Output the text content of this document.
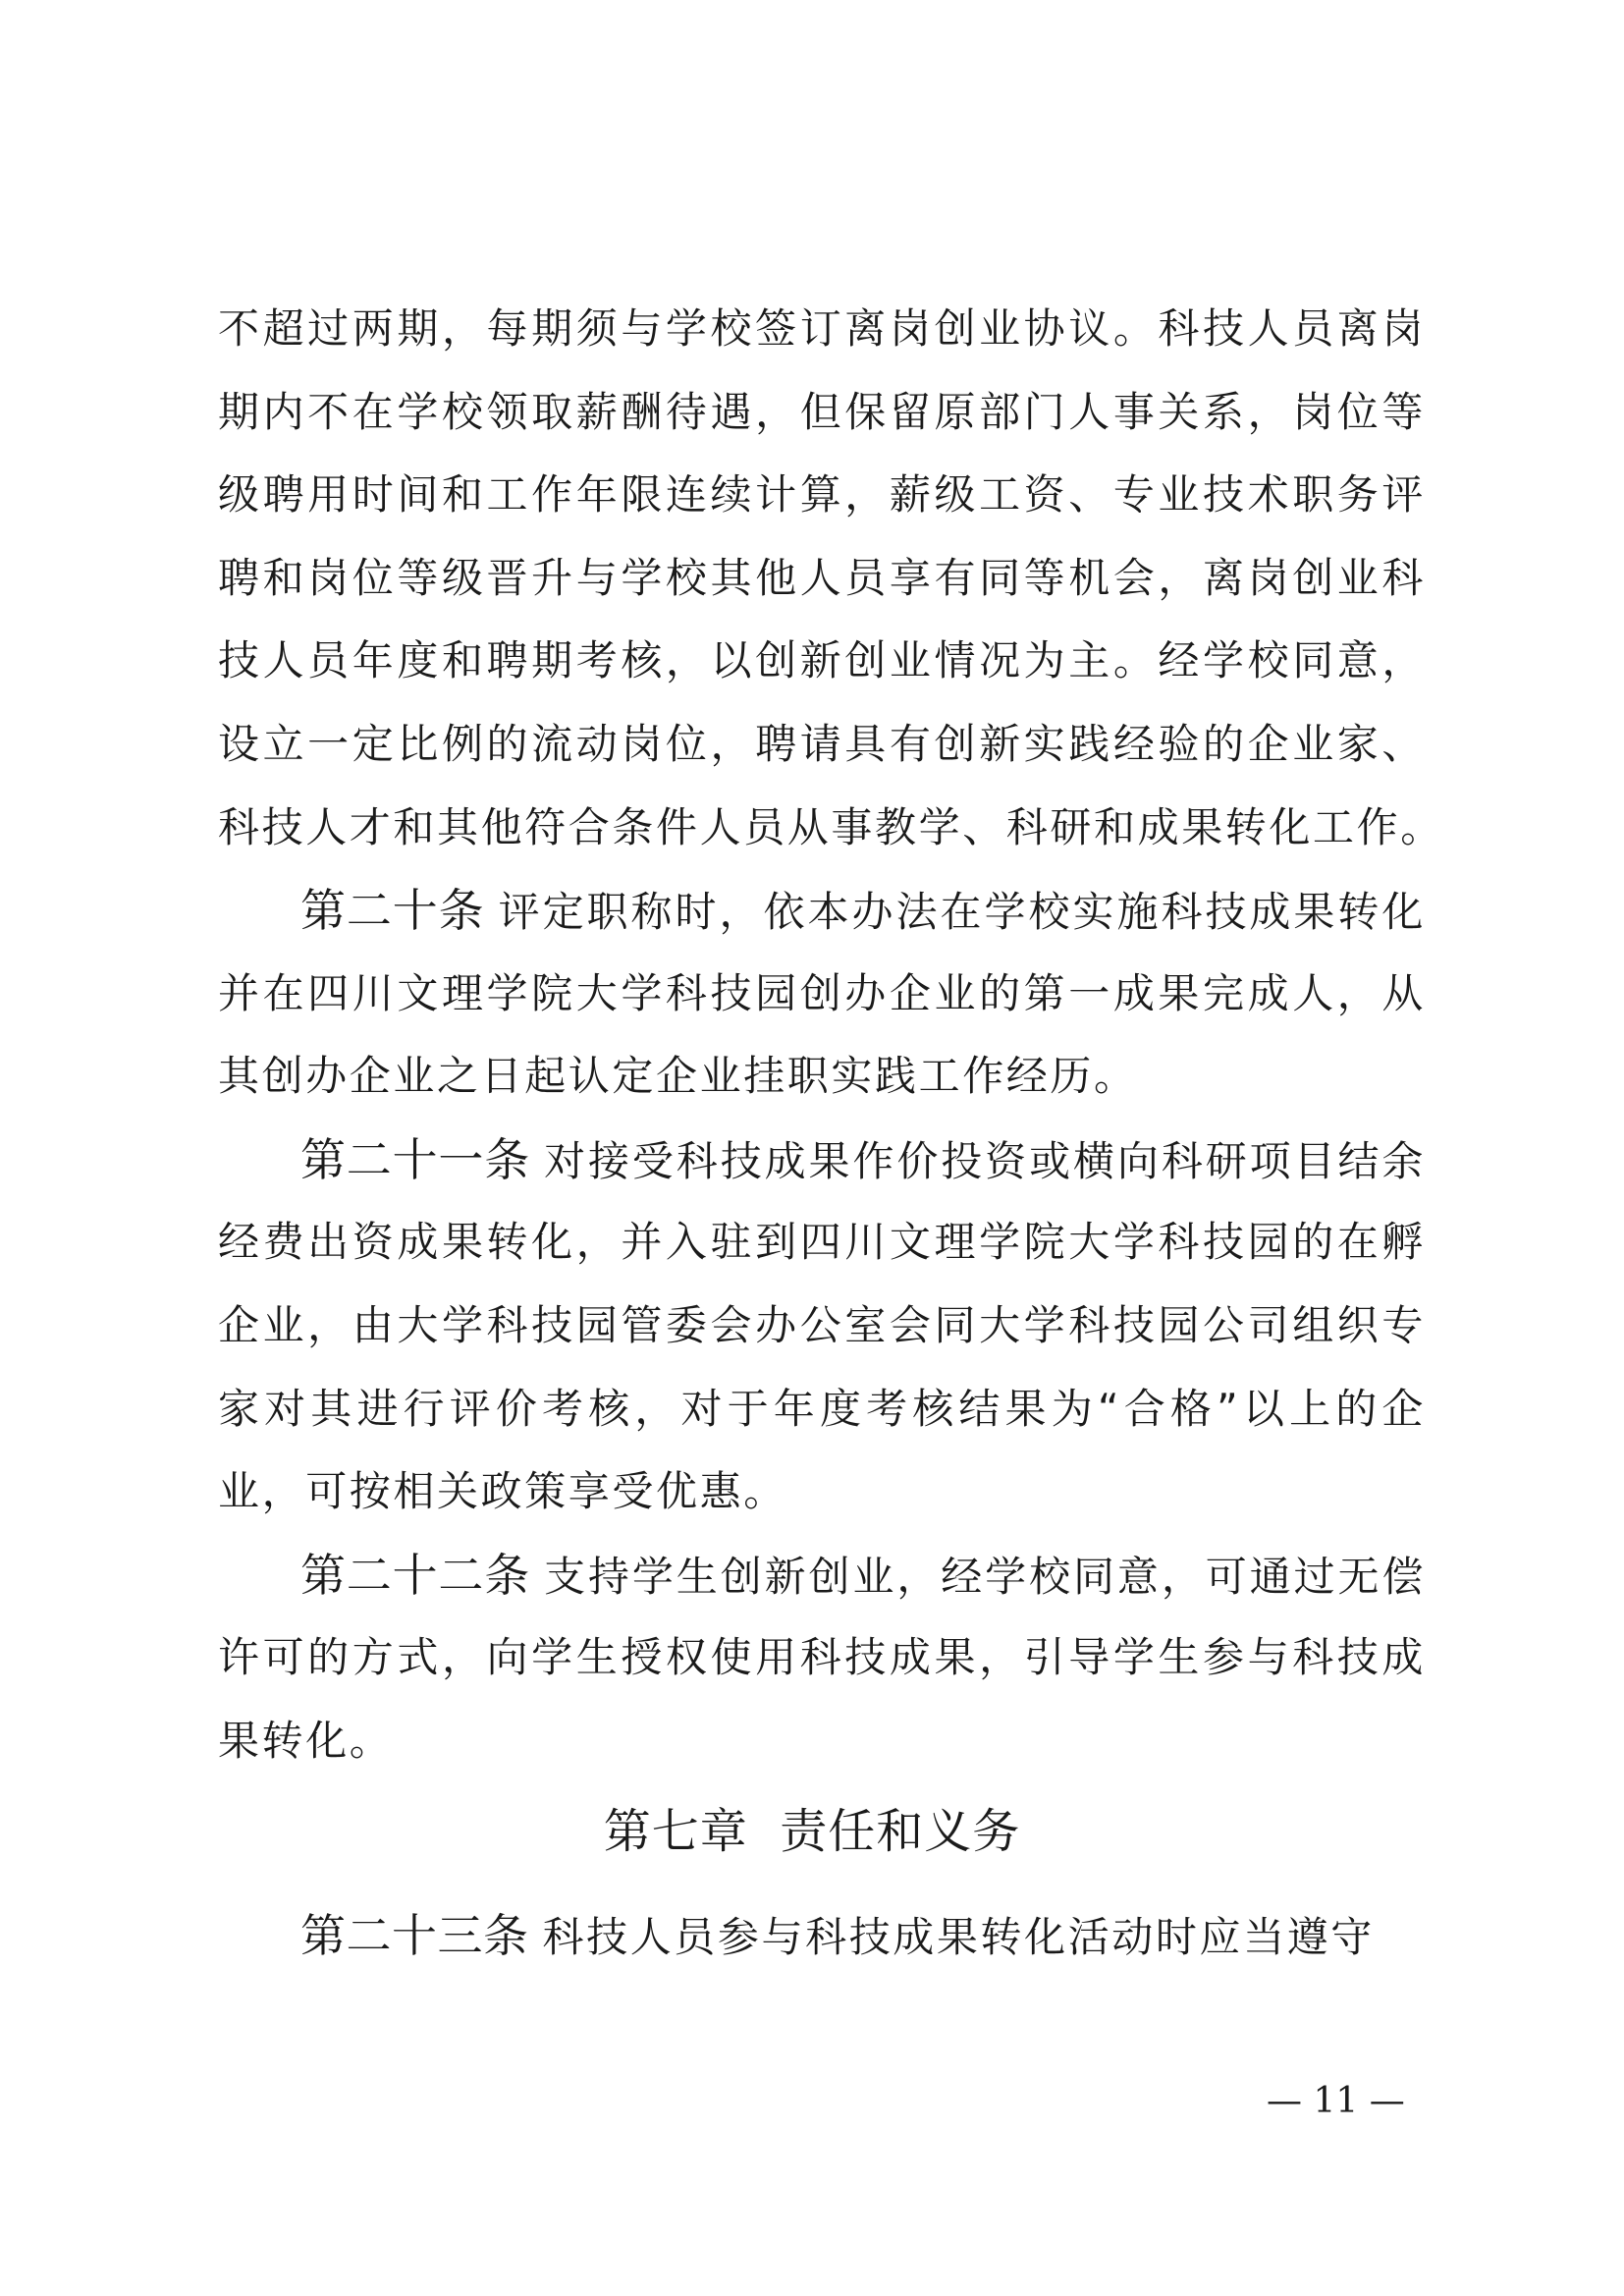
不超过两期，每期须与学校签订离岗创业协议。科技人员离岗
期内不在学校领取薪酬待遇，但保留原部门人事关系，岗位等
级聘用时间和工作年限连续计算，薪级工资、专业技术职务评
聘和岗位等级晋升与学校其他人员享有同等机会，离岗创业科
技人员年度和聘期考核，以创新创业情况为主。经学校同意，
设立一定比例的流动岗位，聘请具有创新实践经验的企业家、
科技人才和其他符合条件人员从事教学、科研和成果转化工作。
第二十条 评定职称时，依本办法在学校实施科技成果转化
并在四川文理学院大学科技园创办企业的第一成果完成人，从
其创办企业之日起认定企业挂职实践工作经历。
第二十一条 对接受科技成果作价投资或横向科研项目结余
经费出资成果转化，并入驻到四川文理学院大学科技园的在孵
企业，由大学科技园管委会办公室会同大学科技园公司组织专
家对其进行评价考核，对于年度考核结果为“合格”以上的企
业，可按相关政策享受优惠。
第二十二条 支持学生创新创业，经学校同意，可通过无偿
许可的方式，向学生授权使用科技成果，引导学生参与科技成
果转化。
第七章  责任和义务
第二十三条 科技人员参与科技成果转化活动时应当遵守
— 11 —
